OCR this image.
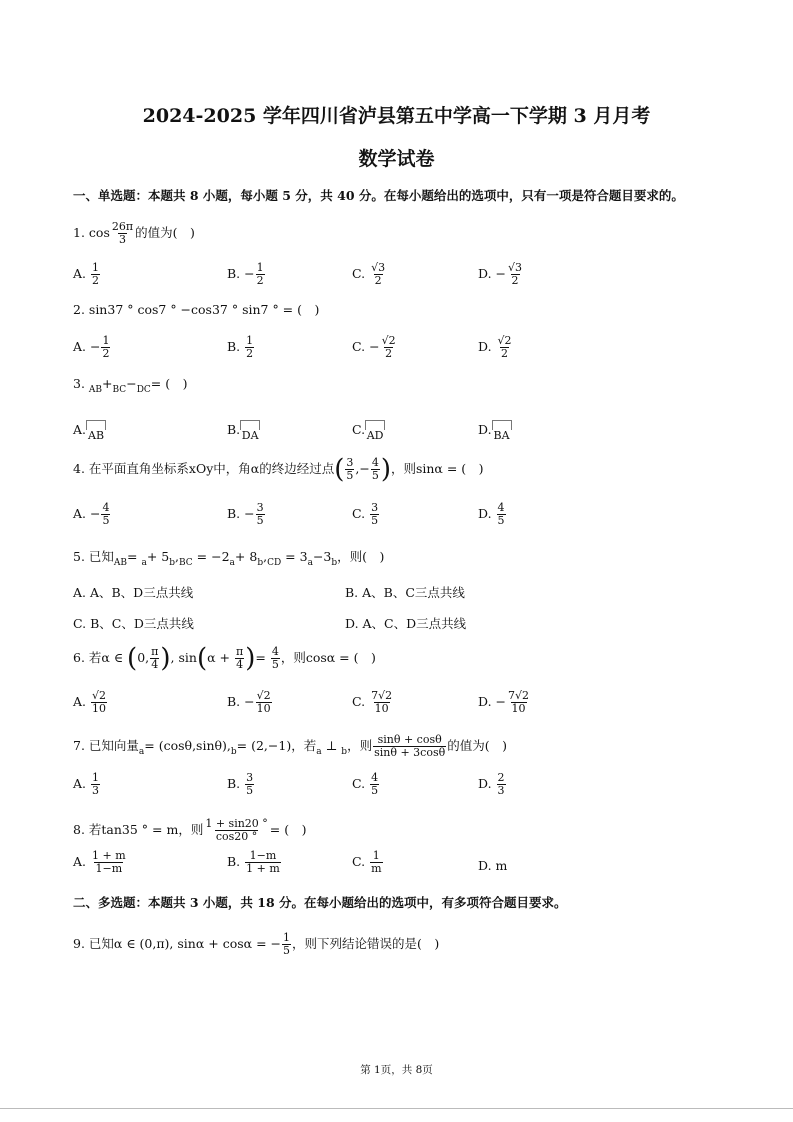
2024-2025 学年四川省泸县第五中学高一下学期 3 月月考
数学试卷
一、单选题：本题共 8 小题，每小题 5 分，共 40 分。在每小题给出的选项中，只有一项是符合题目要求的。
1. $\cos \frac{26\pi}{3}$ 的值为(　)
A. $\frac{1}{2}$	B. − $\frac{1}{2}$	C. $\frac{√3}{2}$	D. − $\frac{√3}{2}$
2. sin37 ° cos7 ° −cos37 ° sin7 ° = (　)
A. − $\frac{1}{2}$	B. $\frac{1}{2}$	C. − $\frac{√2}{2}$	D. $\frac{√2}{2}$
3. $_{AB}+_{BC}-_{DC}=$ (　)
A. AB	B. DA	C. AD	D. BA
4. 在平面直角坐标系xOy中，角α的终边经过点( $\frac{3}{5}$ ,− $\frac{4}{5}$ )，则sinα = (　)
A. − $\frac{4}{5}$	B. − $\frac{3}{5}$	C. $\frac{3}{5}$	D. $\frac{4}{5}$
5. 已知$_{AB}= _a+ 5_b,_{BC} = -2_a+ 8_b,_{CD} = 3_a-3_b$，则(　)
A. A、B、D三点共线	B. A、B、C三点共线
C. B、C、D三点共线	D. A、C、D三点共线
6. 若α ∈ (0, $\frac{\pi}{4}$ ), $\sin(\alpha + \frac{\pi}{4}$ )= $\frac{4}{5}$ ，则cosα = (　)
A. $\frac{√2}{10}$	B. − $\frac{√2}{10}$	C. $\frac{7√2}{10}$	D. − $\frac{7√2}{10}$
7. 已知向量$_a= (\cos\theta,\sin\theta),_b= (2,-1)$，若$_a$ ⊥ $_b$，则 $\frac{\sin\theta + \cos\theta}{\sin\theta + 3\cos\theta}$ 的值为(　)
A. $\frac{1}{3}$	B. $\frac{3}{5}$	C. $\frac{4}{5}$	D. $\frac{2}{3}$
8. 若tan35 ° = m，则 $\frac{1 + \sin 20 ^\circ}{\cos 20 ^\circ}$ = (　)
A. $\frac{1 + m}{1-m}$	B. $\frac{1-m}{1 + m}$	C. $\frac{1}{m}$	D. m
二、多选题：本题共 3 小题，共 18 分。在每小题给出的选项中，有多项符合题目要求。
9. 已知α ∈ (0,π), sinα + cosα = − $\frac{1}{5}$ ，则下列结论错误的是(　)
第 1页，共 8页
